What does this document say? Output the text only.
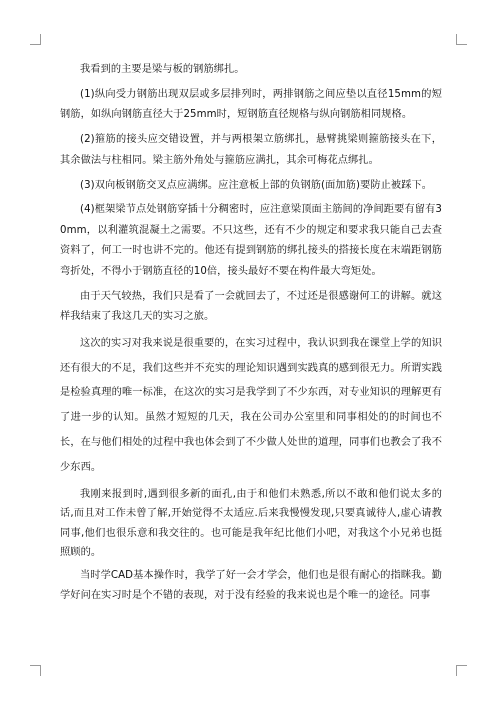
我看到的主要是梁与板的钢筋绑扎。

(1)纵向受力钢筋出现双层或多层排列时，两排钢筋之间应垫以直径15mm的短钢筋，如纵向钢筋直径大于25mm时，短钢筋直径规格与纵向钢筋相同规格。

(2)箍筋的接头应交错设置，并与两根架立筋绑扎，悬臂挑梁则箍筋接头在下，其余做法与柱相同。梁主筋外角处与箍筋应满扎，其余可梅花点绑扎。

(3)双向板钢筋交叉点应满绑。应注意板上部的负钢筋(面加筋)要防止被踩下。

(4)框架梁节点处钢筋穿插十分稠密时，应注意梁顶面主筋间的净间距要有留有30mm，以利灌筑混凝土之需要。不只这些，还有不少的规定和要求我只能自己去查资料了，何工一时也讲不完的。他还有提到钢筋的绑扎接头的搭接长度在末端距钢筋弯折处，不得小于钢筋直径的10倍，接头最好不要在构件最大弯矩处。

由于天气较热，我们只是看了一会就回去了，不过还是很感谢何工的讲解。就这样我结束了我这几天的实习之旅。

这次的实习对我来说是很重要的，在实习过程中，我认识到我在课堂上学的知识还有很大的不足，我们这些并不充实的理论知识遇到实践真的感到很无力。所谓实践是检验真理的唯一标准，在这次的实习是我学到了不少东西，对专业知识的理解更有了进一步的认知。虽然才短短的几天，我在公司办公室里和同事相处的的时间也不长，在与他们相处的过程中我也体会到了不少做人处世的道理，同事们也教会了我不少东西。

我刚来报到时,遇到很多新的面孔,由于和他们未熟悉,所以不敢和他们说太多的话,而且对工作未曾了解,开始觉得不太适应.后来我慢慢发现,只要真诚待人,虚心请教同事,他们也很乐意和我交往的。也可能是我年纪比他们小吧，对我这个小兄弟也挺照顾的。

当时学CAD基本操作时，我学了好一会才学会，他们也是很有耐心的指眯我。勤学好问在实习时是个不错的表现，对于没有经验的我来说也是个唯一的途径。同事
